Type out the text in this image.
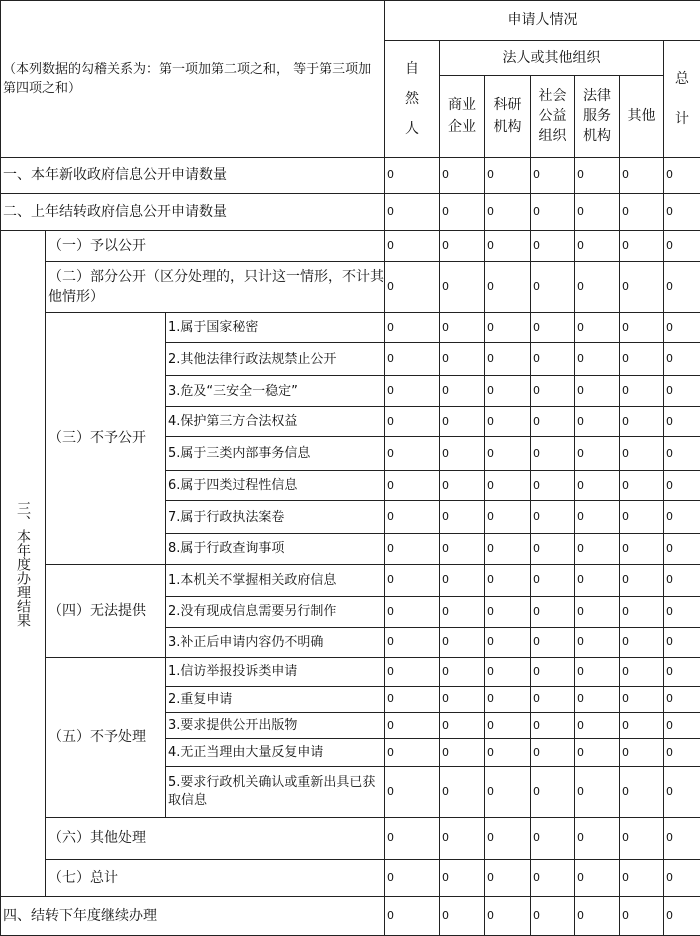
（本列数据的勾稽关系为：第一项加第二项之和， 等于第三项加第四项之和）			申请人情况						

			自然人	法人或其他组织					总计

				商业企业	科研机构	社会公益组织	法律服务机构	其他	
一、本年新收政府信息公开申请数量			0	0	0	0	0	0	0
二、上年结转政府信息公开申请数量			0	0	0	0	0	0	0

三、本年度办理结果	（一）予以公开		0	0	0	0	0	0	0
	（二）部分公开（区分处理的，只计这一情形，不计其他情形）		0	0	0	0	0	0	0

	（三）不予公开	1.属于国家秘密	0	0	0	0	0	0	0
		2.其他法律行政法规禁止公开	0	0	0	0	0	0	0
		3.危及“三安全一稳定”	0	0	0	0	0	0	0
		4.保护第三方合法权益	0	0	0	0	0	0	0
		5.属于三类内部事务信息	0	0	0	0	0	0	0
		6.属于四类过程性信息	0	0	0	0	0	0	0
		7.属于行政执法案卷	0	0	0	0	0	0	0
		8.属于行政查询事项	0	0	0	0	0	0	0

	（四）无法提供	1.本机关不掌握相关政府信息	0	0	0	0	0	0	0
		2.没有现成信息需要另行制作	0	0	0	0	0	0	0
		3.补正后申请内容仍不明确	0	0	0	0	0	0	0

	（五）不予处理	1.信访举报投诉类申请	0	0	0	0	0	0	0
		2.重复申请	0	0	0	0	0	0	0
		3.要求提供公开出版物	0	0	0	0	0	0	0
		4.无正当理由大量反复申请	0	0	0	0	0	0	0
		5.要求行政机关确认或重新出具已获取信息	0	0	0	0	0	0	0
	（六）其他处理		0	0	0	0	0	0	0
	（七）总计		0	0	0	0	0	0	0
四、结转下年度继续办理			0	0	0	0	0	0	0
